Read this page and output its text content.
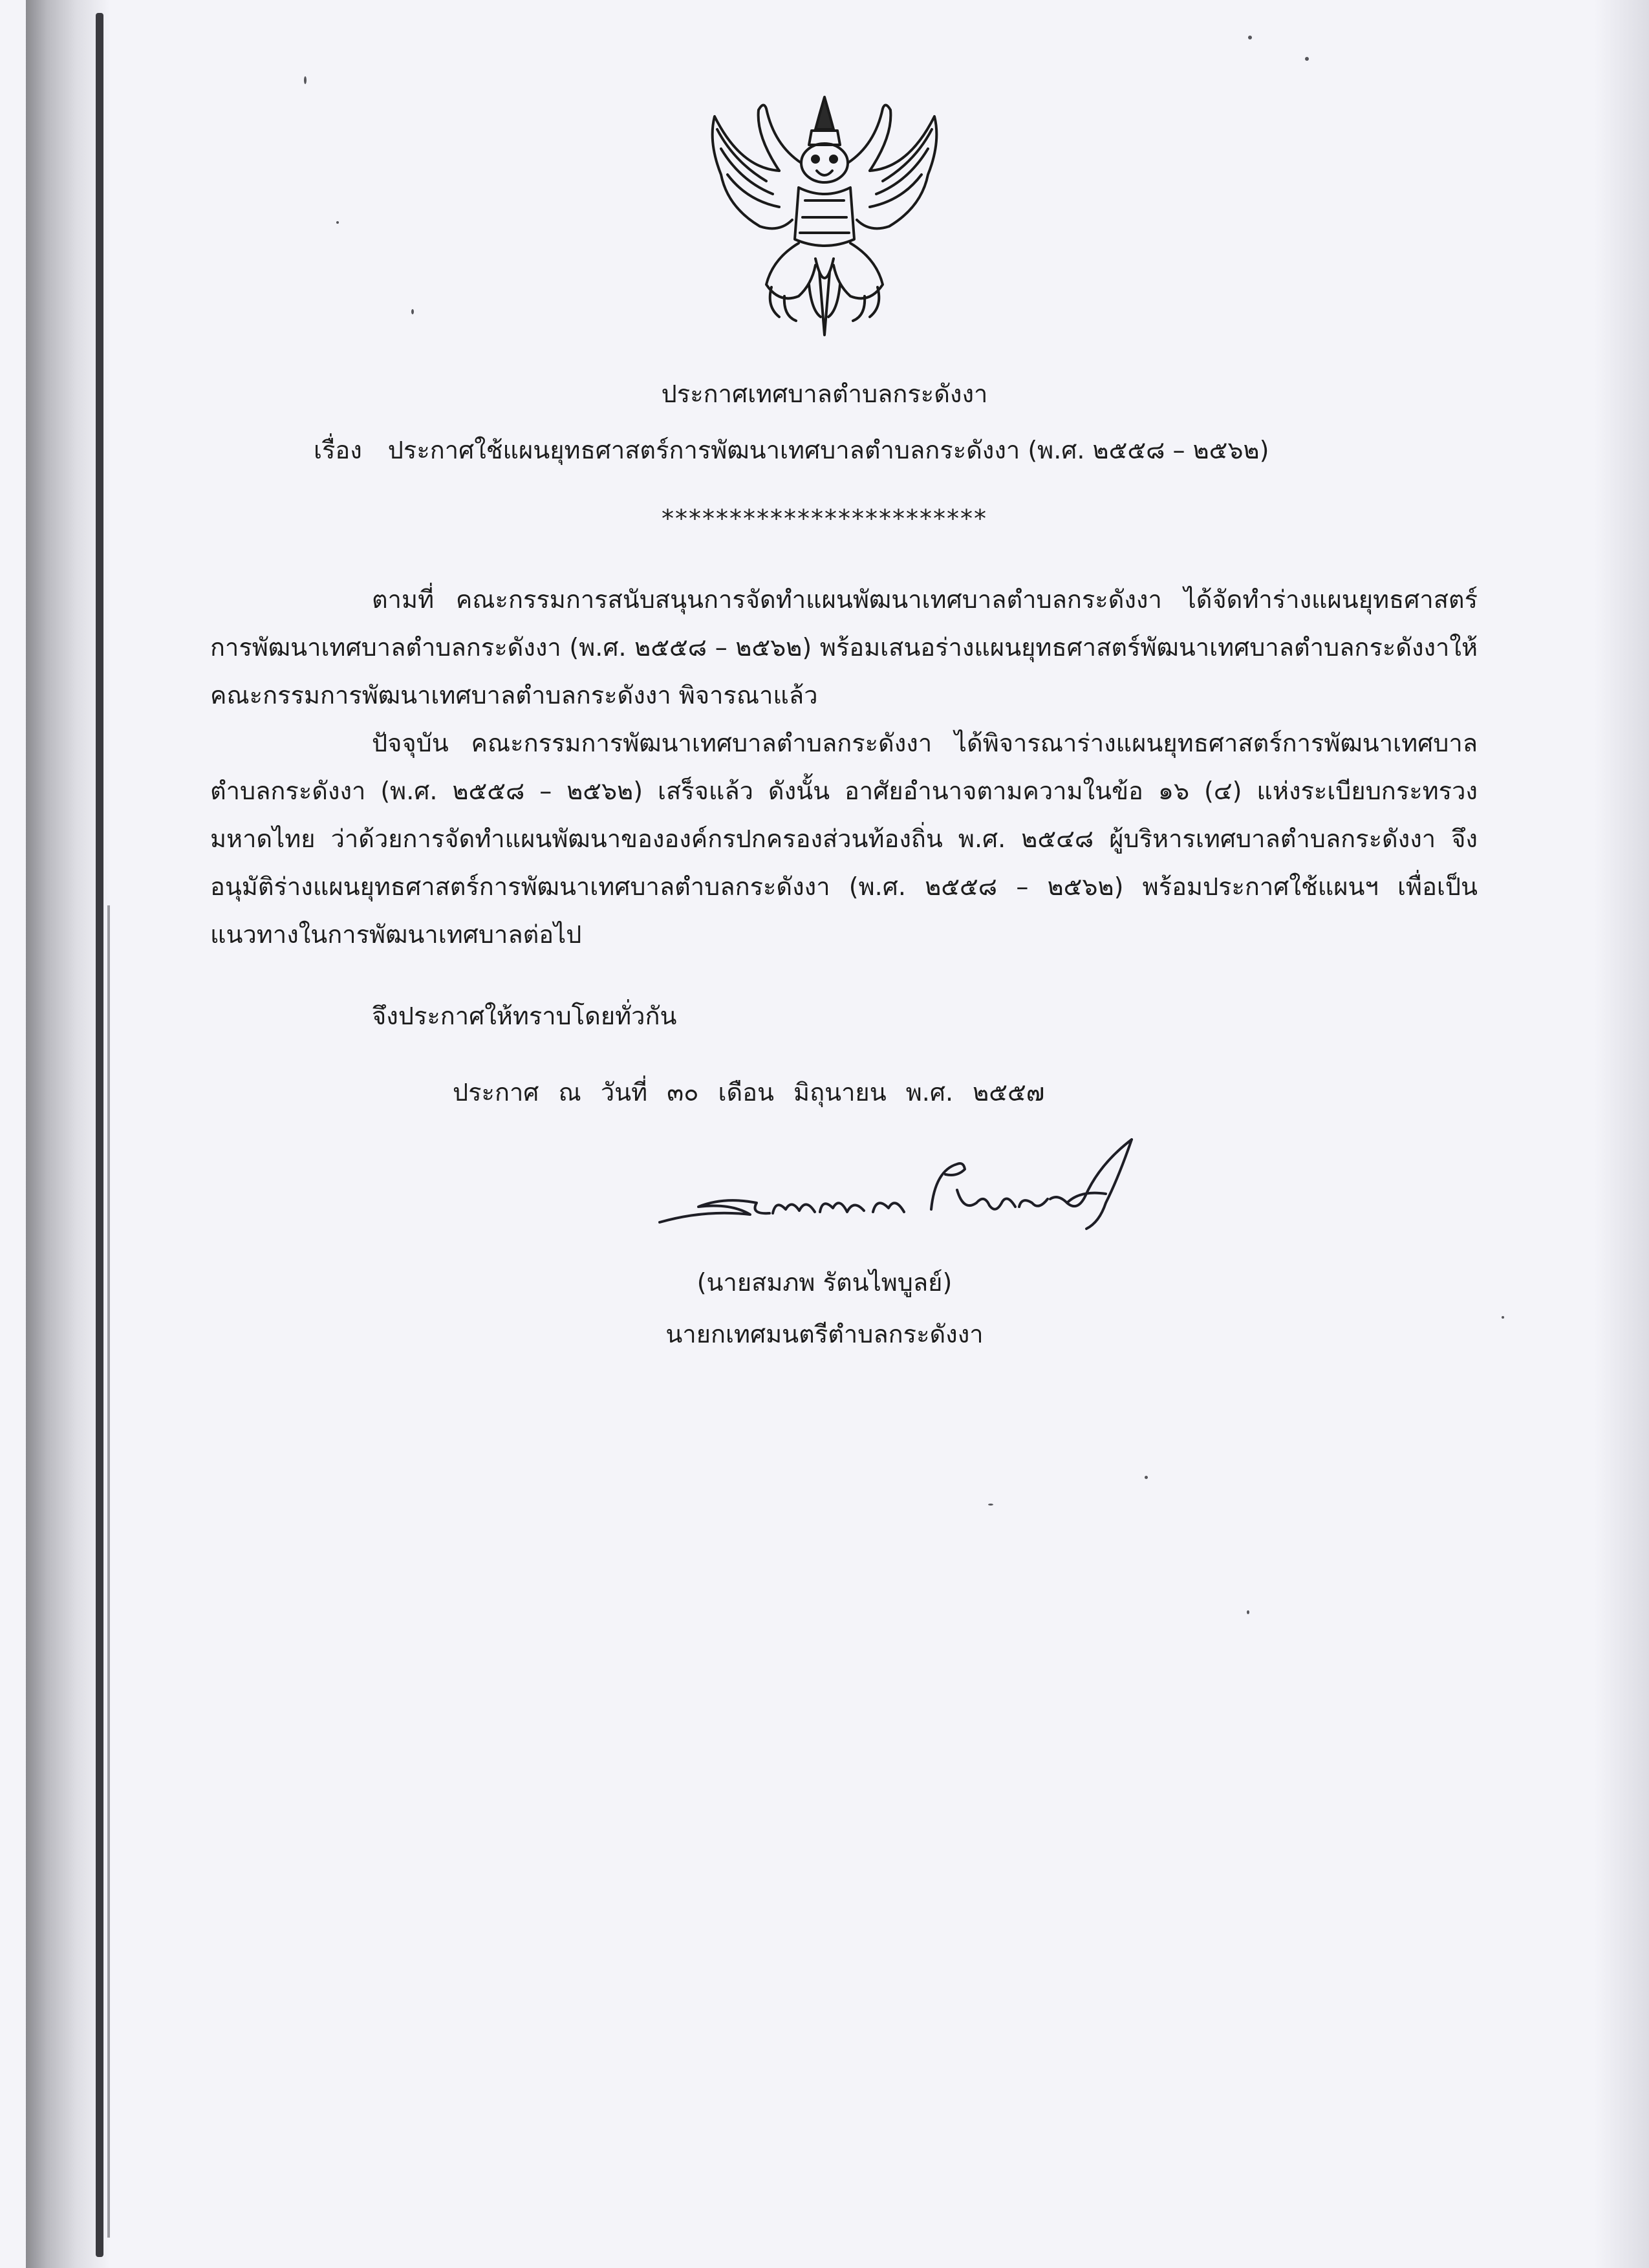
ประกาศเทศบาลตำบลกระดังงา
เรื่อง ประกาศใช้แผนยุทธศาสตร์การพัฒนาเทศบาลตำบลกระดังงา (พ.ศ. ๒๕๕๘ – ๒๕๖๒)
************************

ตามที่ คณะกรรมการสนับสนุนการจัดทำแผนพัฒนาเทศบาลตำบลกระดังงา ได้จัดทำร่างแผนยุทธศาสตร์การพัฒนาเทศบาลตำบลกระดังงา (พ.ศ. ๒๕๕๘ – ๒๕๖๒) พร้อมเสนอร่างแผนยุทธศาสตร์พัฒนาเทศบาลตำบลกระดังงาให้คณะกรรมการพัฒนาเทศบาลตำบลกระดังงา พิจารณาแล้ว

ปัจจุบัน คณะกรรมการพัฒนาเทศบาลตำบลกระดังงา ได้พิจารณาร่างแผนยุทธศาสตร์การพัฒนาเทศบาลตำบลกระดังงา (พ.ศ. ๒๕๕๘ – ๒๕๖๒) เสร็จแล้ว ดังนั้น อาศัยอำนาจตามความในข้อ ๑๖ (๔) แห่งระเบียบกระทรวงมหาดไทย ว่าด้วยการจัดทำแผนพัฒนาขององค์กรปกครองส่วนท้องถิ่น พ.ศ. ๒๕๔๘ ผู้บริหารเทศบาลตำบลกระดังงา จึงอนุมัติร่างแผนยุทธศาสตร์การพัฒนาเทศบาลตำบลกระดังงา (พ.ศ. ๒๕๕๘ – ๒๕๖๒) พร้อมประกาศใช้แผนฯ เพื่อเป็นแนวทางในการพัฒนาเทศบาลต่อไป

จึงประกาศให้ทราบโดยทั่วกัน
ประกาศ ณ วันที่ ๓๐ เดือน มิถุนายน พ.ศ. ๒๕๕๗
(นายสมภพ รัตนไพบูลย์)
นายกเทศมนตรีตำบลกระดังงา
